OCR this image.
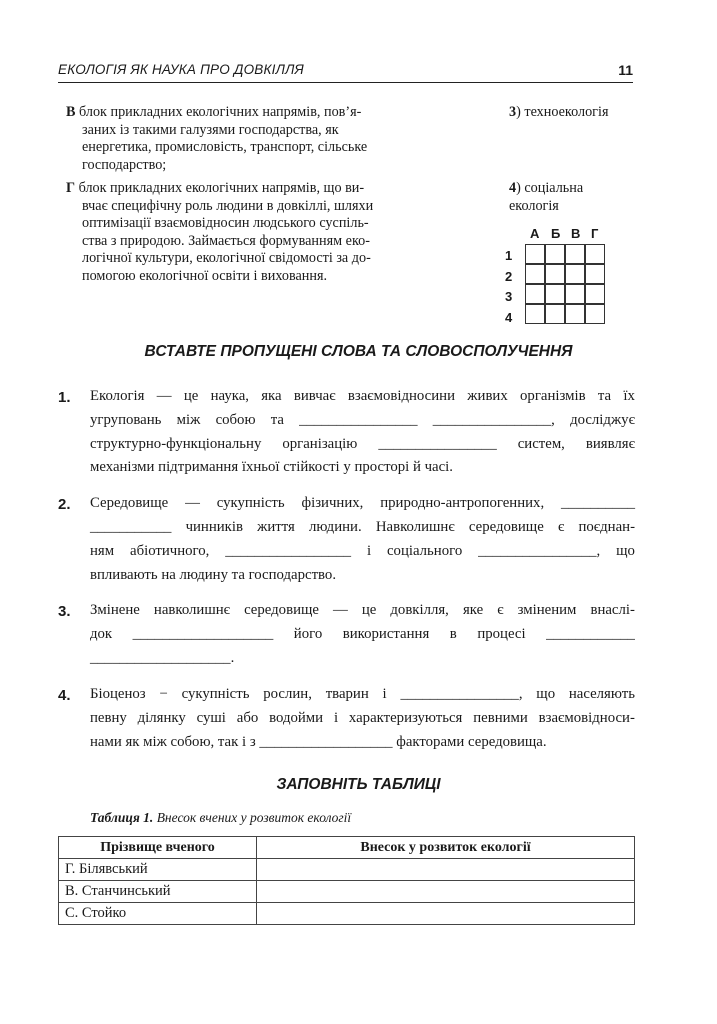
ЕКОЛОГІЯ ЯК НАУКА ПРО ДОВКІЛЛЯ	11
В блок прикладних екологічних напрямів, пов’я-
заних із такими галузями господарства, як
енергетика, промисловість, транспорт, сільське
господарство;
Г блок прикладних екологічних напрямів, що ви-
вчає специфічну роль людини в довкіллі, шляхи
оптимізації взаємовідносин людського суспіль-
ства з природою. Займається формуванням еко-
логічної культури, екологічної свідомості за до-
помогою екологічної освіти і виховання.
3) техноекологія
4) соціальна
екологія
А Б В Г
1
2
3
4
ВСТАВТЕ ПРОПУЩЕНІ СЛОВА ТА СЛОВОСПОЛУЧЕННЯ
1. Екологія — це наука, яка вивчає взаємовідносини живих організмів та їх
угруповань між собою та ________________ ________________, досліджує
структурно-функціональну організацію ________________ систем, виявляє
механізми підтримання їхньої стійкості у просторі й часі.
2. Середовище — сукупність фізичних, природно-антропогенних, __________
___________ чинників життя людини. Навколишнє середовище є поєднан-
ням абіотичного, _________________ і соціального ________________, що
впливають на людину та господарство.
3. Змінене навколишнє середовище — це довкілля, яке є зміненим внаслі-
док ___________________ його використання в процесі ____________
___________________.
4. Біоценоз − сукупність рослин, тварин і ________________, що населяють
певну ділянку суші або водойми і характеризуються певними взаємовідноси-
нами як між собою, так і з __________________ факторами середовища.
ЗАПОВНІТЬ ТАБЛИЦІ
Таблиця 1. Внесок вчених у розвиток екології
Прізвище вченого	Внесок у розвиток екології
Г. Білявський	
В. Станчинський	
С. Стойко	
